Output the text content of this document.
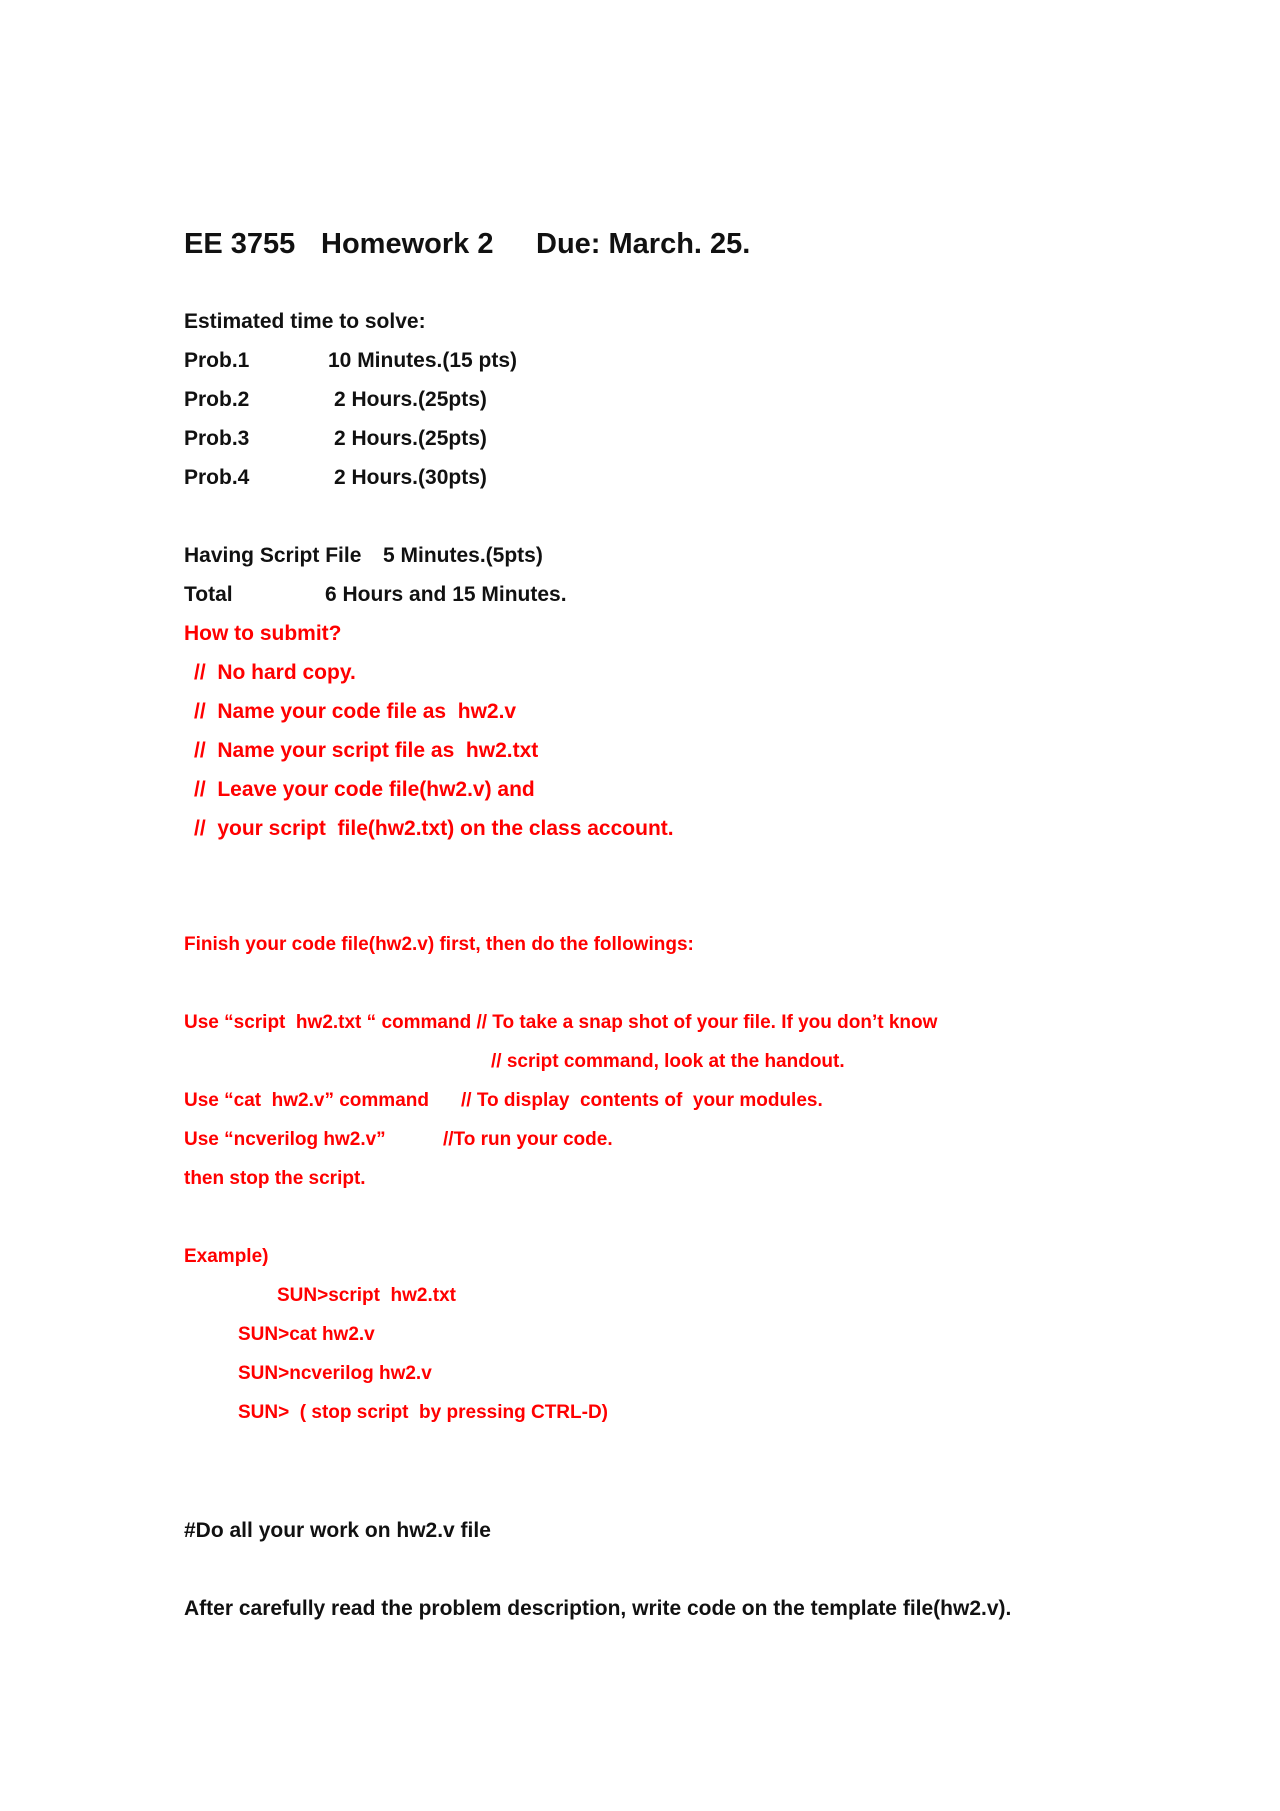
EE 3755 Homework 2 Due: March. 25.
Estimated time to solve:
Prob.1	10 Minutes.(15 pts)
Prob.2	2 Hours.(25pts)
Prob.3	2 Hours.(25pts)
Prob.4	2 Hours.(30pts)
Having Script File 5 Minutes.(5pts)
Total	6 Hours and 15 Minutes.
How to submit?
//  No hard copy.
//  Name your code file as  hw2.v
//  Name your script file as  hw2.txt
//  Leave your code file(hw2.v) and
//  your script  file(hw2.txt) on the class account.
Finish your code file(hw2.v) first, then do the followings:
Use “script  hw2.txt “ command // To take a snap shot of your file. If you don’t know
// script command, look at the handout.
Use “cat  hw2.v” command // To display  contents of  your modules.
Use “ncverilog hw2.v”	//To run your code.
then stop the script.
Example)
SUN>script  hw2.txt
SUN>cat hw2.v
SUN>ncverilog hw2.v
SUN>  ( stop script  by pressing CTRL-D)
#Do all your work on hw2.v file
After carefully read the problem description, write code on the template file(hw2.v).
